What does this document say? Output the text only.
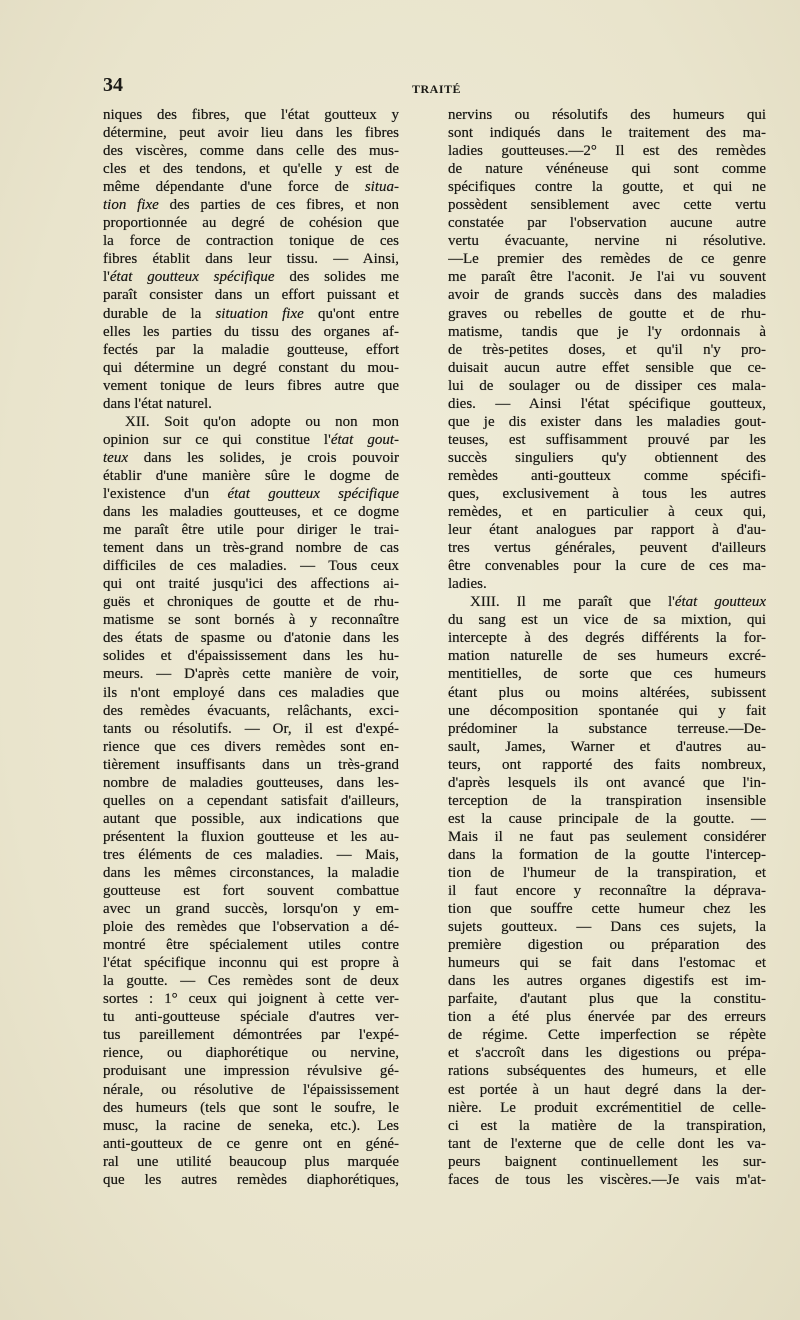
34	TRAITÉ
niques des fibres, que l'état goutteux y
détermine, peut avoir lieu dans les fibres
des viscères, comme dans celle des mus-
cles et des tendons, et qu'elle y est de
même dépendante d'une force de situa-
tion fixe des parties de ces fibres, et non
proportionnée au degré de cohésion que
la force de contraction tonique de ces
fibres établit dans leur tissu. — Ainsi,
l'état goutteux spécifique des solides me
paraît consister dans un effort puissant et
durable de la situation fixe qu'ont entre
elles les parties du tissu des organes af-
fectés par la maladie goutteuse, effort
qui détermine un degré constant du mou-
vement tonique de leurs fibres autre que
dans l'état naturel.
XII. Soit qu'on adopte ou non mon
opinion sur ce qui constitue l'état gout-
teux dans les solides, je crois pouvoir
établir d'une manière sûre le dogme de
l'existence d'un état goutteux spécifique
dans les maladies goutteuses, et ce dogme
me paraît être utile pour diriger le trai-
tement dans un très-grand nombre de cas
difficiles de ces maladies. — Tous ceux
qui ont traité jusqu'ici des affections ai-
guës et chroniques de goutte et de rhu-
matisme se sont bornés à y reconnaître
des états de spasme ou d'atonie dans les
solides et d'épaississement dans les hu-
meurs. — D'après cette manière de voir,
ils n'ont employé dans ces maladies que
des remèdes évacuants, relâchants, exci-
tants ou résolutifs. — Or, il est d'expé-
rience que ces divers remèdes sont en-
tièrement insuffisants dans un très-grand
nombre de maladies goutteuses, dans les-
quelles on a cependant satisfait d'ailleurs,
autant que possible, aux indications que
présentent la fluxion goutteuse et les au-
tres éléments de ces maladies. — Mais,
dans les mêmes circonstances, la maladie
goutteuse est fort souvent combattue
avec un grand succès, lorsqu'on y em-
ploie des remèdes que l'observation a dé-
montré être spécialement utiles contre
l'état spécifique inconnu qui est propre à
la goutte. — Ces remèdes sont de deux
sortes : 1° ceux qui joignent à cette ver-
tu anti-goutteuse spéciale d'autres ver-
tus pareillement démontrées par l'expé-
rience, ou diaphorétique ou nervine,
produisant une impression révulsive gé-
nérale, ou résolutive de l'épaississement
des humeurs (tels que sont le soufre, le
musc, la racine de seneka, etc.). Les
anti-goutteux de ce genre ont en géné-
ral une utilité beaucoup plus marquée
que les autres remèdes diaphorétiques,
nervins ou résolutifs des humeurs qui
sont indiqués dans le traitement des ma-
ladies goutteuses.—2° Il est des remèdes
de nature vénéneuse qui sont comme
spécifiques contre la goutte, et qui ne
possèdent sensiblement avec cette vertu
constatée par l'observation aucune autre
vertu évacuante, nervine ni résolutive.
—Le premier des remèdes de ce genre
me paraît être l'aconit. Je l'ai vu souvent
avoir de grands succès dans des maladies
graves ou rebelles de goutte et de rhu-
matisme, tandis que je l'y ordonnais à
de très-petites doses, et qu'il n'y pro-
duisait aucun autre effet sensible que ce-
lui de soulager ou de dissiper ces mala-
dies. — Ainsi l'état spécifique goutteux,
que je dis exister dans les maladies gout-
teuses, est suffisamment prouvé par les
succès singuliers qu'y obtiennent des
remèdes anti-goutteux comme spécifi-
ques, exclusivement à tous les autres
remèdes, et en particulier à ceux qui,
leur étant analogues par rapport à d'au-
tres vertus générales, peuvent d'ailleurs
être convenables pour la cure de ces ma-
ladies.
XIII. Il me paraît que l'état goutteux
du sang est un vice de sa mixtion, qui
intercepte à des degrés différents la for-
mation naturelle de ses humeurs excré-
mentitielles, de sorte que ces humeurs
étant plus ou moins altérées, subissent
une décomposition spontanée qui y fait
prédominer la substance terreuse.—De-
sault, James, Warner et d'autres au-
teurs, ont rapporté des faits nombreux,
d'après lesquels ils ont avancé que l'in-
terception de la transpiration insensible
est la cause principale de la goutte. —
Mais il ne faut pas seulement considérer
dans la formation de la goutte l'intercep-
tion de l'humeur de la transpiration, et
il faut encore y reconnaître la déprava-
tion que souffre cette humeur chez les
sujets goutteux. — Dans ces sujets, la
première digestion ou préparation des
humeurs qui se fait dans l'estomac et
dans les autres organes digestifs est im-
parfaite, d'autant plus que la constitu-
tion a été plus énervée par des erreurs
de régime. Cette imperfection se répète
et s'accroît dans les digestions ou prépa-
rations subséquentes des humeurs, et elle
est portée à un haut degré dans la der-
nière. Le produit excrémentitiel de celle-
ci est la matière de la transpiration,
tant de l'externe que de celle dont les va-
peurs baignent continuellement les sur-
faces de tous les viscères.—Je vais m'at-
